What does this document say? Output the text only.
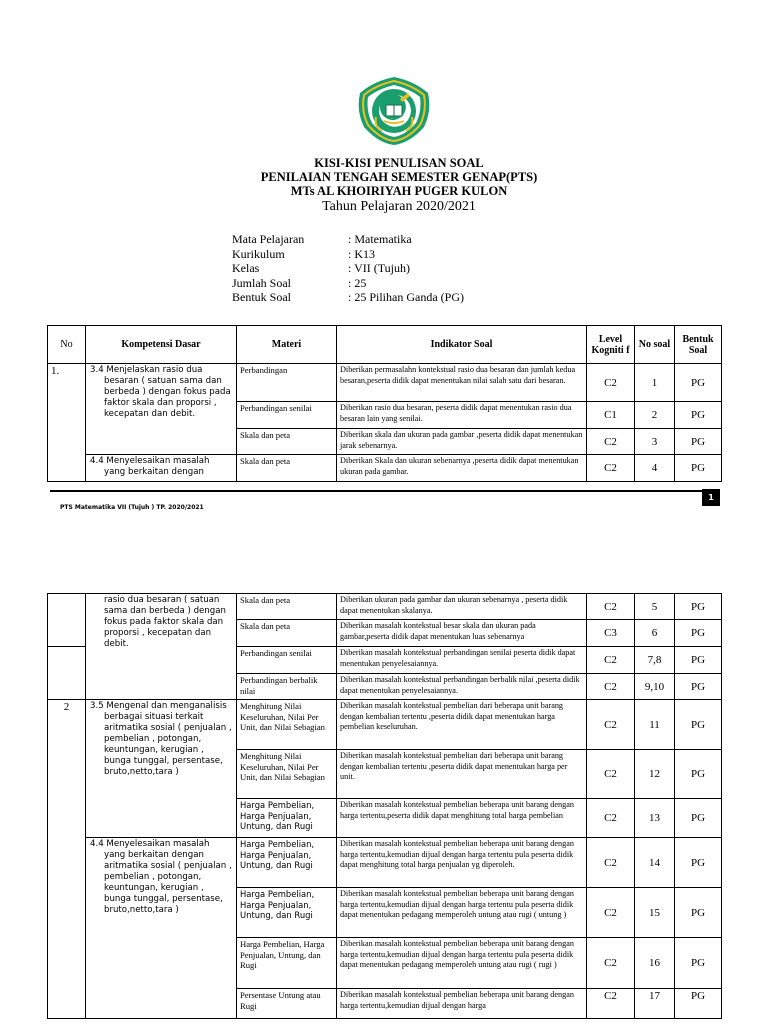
KISI-KISI PENULISAN SOAL
PENILAIAN TENGAH SEMESTER GENAP(PTS)
MTs AL KHOIRIYAH PUGER KULON
Tahun Pelajaran 2020/2021
Mata Pelajaran	: Matematika
Kurikulum	: K13
Kelas	: VII (Tujuh)
Jumlah Soal	: 25
Bentuk Soal	: 25 Pilihan Ganda (PG)
No	Kompetensi Dasar	Materi	Indikator Soal	Level Kogniti f	No soal	Bentuk Soal
1.	3.4 Menjelaskan rasio dua besaran ( satuan sama dan berbeda ) dengan fokus pada faktor skala dan proporsi , kecepatan dan debit.	Perbandingan	Diberikan permasalahn kontekstual rasio dua besaran dan jumlah kedua besaran,peserta didik dapat menentukan nilai salah satu dari besaran.	C2	1	PG
		Perbandingan senilai	Diberikan rasio dua besaran, peserta didik dapat menentukan rasio dua besaran lain yang senilai.	C1	2	PG
		Skala dan peta	Diberikan skala dan ukuran pada gambar ,peserta didik dapat menentukan jarak sebenarnya.	C2	3	PG
	4.4 Menyelesaikan masalah yang berkaitan dengan	Skala dan peta	Diberikan Skala dan ukuran sebenarnya ,peserta didik dapat menentukan ukuran pada gambar.	C2	4	PG
1
PTS Matematika VII (Tujuh ) TP. 2020/2021
	rasio dua besaran ( satuan sama dan berbeda ) dengan fokus pada faktor skala dan proporsi , kecepatan dan debit.	Skala dan peta	Diberikan ukuran pada gambar dan ukuran sebenarnya , peserta didik dapat menentukan skalanya.	C2	5	PG
		Skala dan peta	Diberikan masalah kontekstual besar skala dan ukuran pada gambar,peserta didik dapat menentukan luas sebenarnya	C3	6	PG
		Perbandingan senilai	Diberikan masalah kontekstual perbandingan senilai peserta didik dapat menentukan penyelesaiannya.	C2	7,8	PG
		Perbandingan berbalik nilai	Diberikan masalah kontekstual perbandingan berbalik nilai ,peserta didik dapat menentukan penyelesaiannya.	C2	9,10	PG
2	3.5 Mengenal dan menganalisis berbagai situasi terkait aritmatika sosial ( penjualan , pembelian , potongan, keuntungan, kerugian , bunga tunggal, persentase, bruto,netto,tara )	Menghitung Nilai Keseluruhan, Nilai Per Unit, dan Nilai Sebagian	Diberikan masalah kontekstual pembelian dari beberapa unit barang dengan kembalian tertentu ,peserta didik dapat menentukan harga pembelian keseluruhan.	C2	11	PG
		Menghitung Nilai Keseluruhan, Nilai Per Unit, dan Nilai Sebagian	Diberikan masalah kontekstual pembelian dari beberapa unit barang dengan kembalian tertentu ,peserta didik dapat menentukan harga per unit.	C2	12	PG
		Harga Pembelian, Harga Penjualan, Untung, dan Rugi	Diberikan masalah kontekstual pembelian beberapa unit barang dengan harga tertentu,peserta didik dapat menghitung total harga pembelian	C2	13	PG
	4.4 Menyelesaikan masalah yang berkaitan dengan aritmatika sosial ( penjualan , pembelian , potongan, keuntungan, kerugian , bunga tunggal, persentase, bruto,netto,tara )	Harga Pembelian, Harga Penjualan, Untung, dan Rugi	Diberikan masalah kontekstual pembelian beberapa unit barang dengan harga tertentu,kemudian dijual dengan harga tertentu pula peserta didik dapat menghitung total harga penjualan yg diperoleh.	C2	14	PG
		Harga Pembelian, Harga Penjualan, Untung, dan Rugi	Diberikan masalah kontekstual pembelian beberapa unit barang dengan harga tertentu,kemudian dijual dengan harga tertentu pula peserta didik dapat menentukan pedagang memperoleh untung atau rugi ( untung )	C2	15	PG
		Harga Pembelian, Harga Penjualan, Untung, dan Rugi	Diberikan masalah kontekstual pembelian beberapa unit barang dengan harga tertentu,kemudian dijual dengan harga tertentu pula peserta didik dapat menentukan pedagang memperoleh untung atau rugi ( rugi )	C2	16	PG
		Persentase Untung atau Rugi	Diberikan masalah kontekstual pembelian beberapa unit barang dengan harga tertentu,kemudian dijual dengan harga	C2	17	PG
